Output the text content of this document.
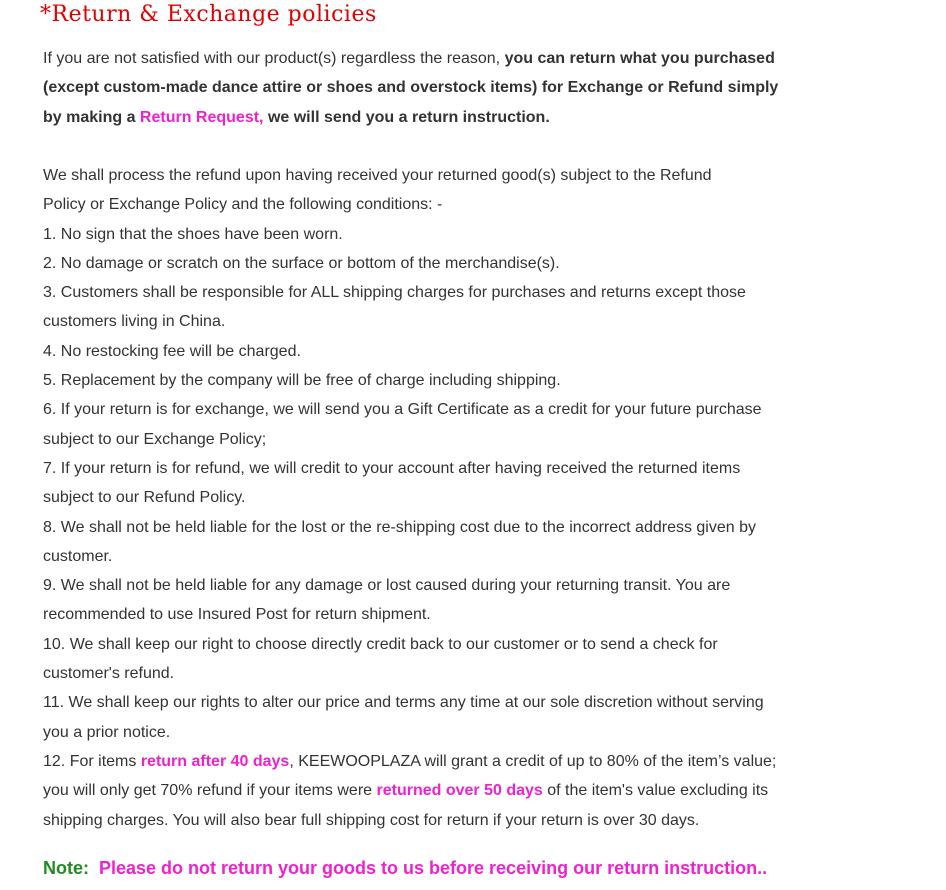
*Return & Exchange policies
If you are not satisfied with our product(s) regardless the reason, you can return what you purchased
(except custom-made dance attire or shoes and overstock items) for Exchange or Refund simply
by making a Return Request, we will send you a return instruction.
We shall process the refund upon having received your returned good(s) subject to the Refund
Policy or Exchange Policy and the following conditions: -
1. No sign that the shoes have been worn.
2. No damage or scratch on the surface or bottom of the merchandise(s).
3. Customers shall be responsible for ALL shipping charges for purchases and returns except those
customers living in China.
4. No restocking fee will be charged.
5. Replacement by the company will be free of charge including shipping.
6. If your return is for exchange, we will send you a Gift Certificate as a credit for your future purchase
subject to our Exchange Policy;
7. If your return is for refund, we will credit to your account after having received the returned items
subject to our Refund Policy.
8. We shall not be held liable for the lost or the re-shipping cost due to the incorrect address given by
customer.
9. We shall not be held liable for any damage or lost caused during your returning transit. You are
recommended to use Insured Post for return shipment.
10. We shall keep our right to choose directly credit back to our customer or to send a check for
customer's refund.
11. We shall keep our rights to alter our price and terms any time at our sole discretion without serving
you a prior notice.
12. For items return after 40 days, KEEWOOPLAZA will grant a credit of up to 80% of the item’s value;
you will only get 70% refund if your items were returned over 50 days of the item's value excluding its
shipping charges. You will also bear full shipping cost for return if your return is over 30 days.
Note:  Please do not return your goods to us before receiving our return instruction..
